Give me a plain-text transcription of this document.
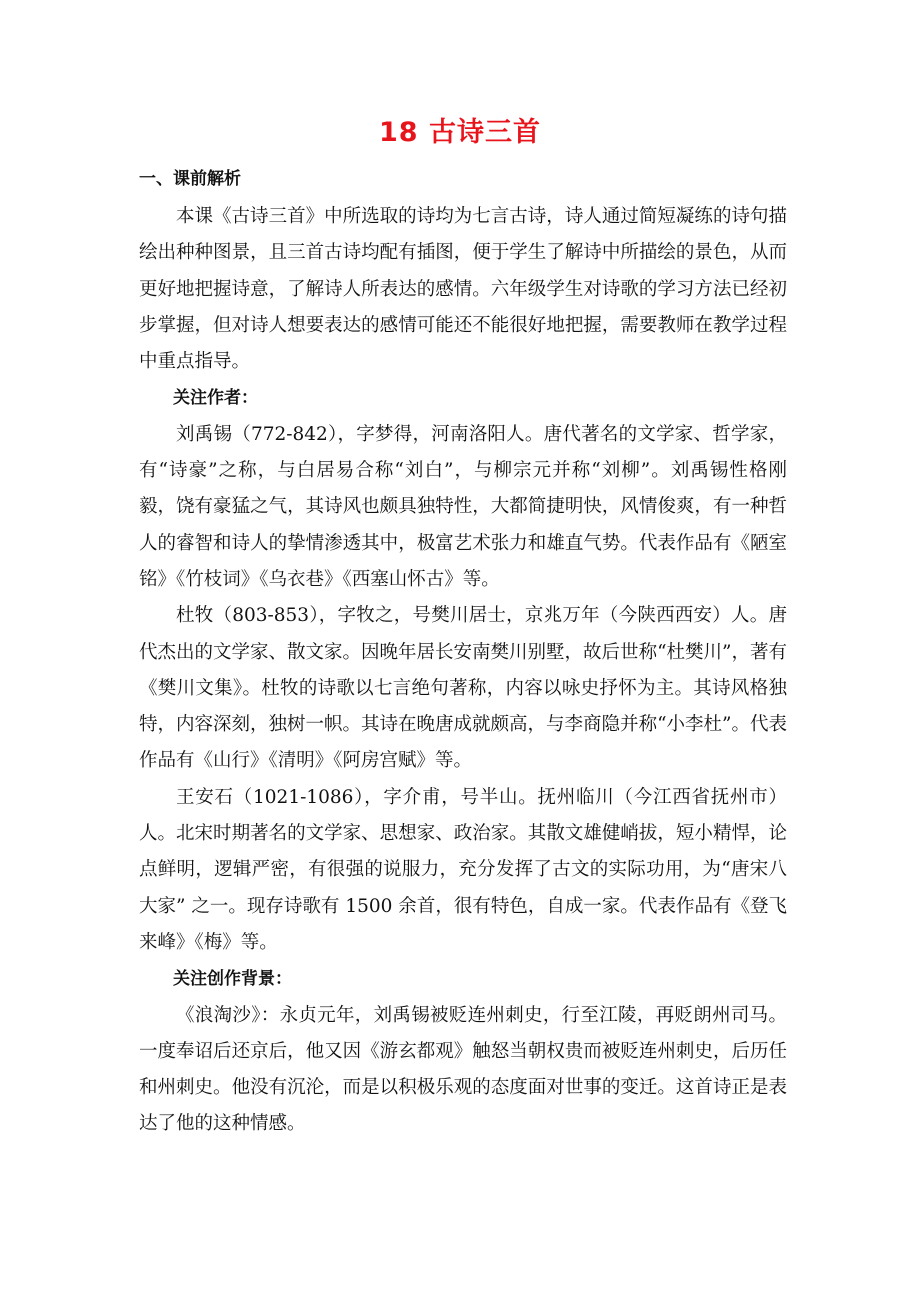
18 古诗三首
一、课前解析

本课《古诗三首》中所选取的诗均为七言古诗，诗人通过简短凝练的诗句描绘出种种图景，且三首古诗均配有插图，便于学生了解诗中所描绘的景色，从而更好地把握诗意，了解诗人所表达的感情。六年级学生对诗歌的学习方法已经初步掌握，但对诗人想要表达的感情可能还不能很好地把握，需要教师在教学过程中重点指导。

关注作者：

刘禹锡（772-842），字梦得，河南洛阳人。唐代著名的文学家、哲学家，有“诗豪”之称，与白居易合称“刘白”，与柳宗元并称“刘柳”。刘禹锡性格刚毅，饶有豪猛之气，其诗风也颇具独特性，大都简捷明快，风情俊爽，有一种哲人的睿智和诗人的挚情渗透其中，极富艺术张力和雄直气势。代表作品有《陋室铭》《竹枝词》《乌衣巷》《西塞山怀古》等。

杜牧（803-853），字牧之，号樊川居士，京兆万年（今陕西西安）人。唐代杰出的文学家、散文家。因晚年居长安南樊川别墅，故后世称“杜樊川”，著有《樊川文集》。杜牧的诗歌以七言绝句著称，内容以咏史抒怀为主。其诗风格独特，内容深刻，独树一帜。其诗在晚唐成就颇高，与李商隐并称“小李杜”。代表作品有《山行》《清明》《阿房宫赋》等。

王安石（1021-1086），字介甫，号半山。抚州临川（今江西省抚州市）人。北宋时期著名的文学家、思想家、政治家。其散文雄健峭拔，短小精悍，论点鲜明，逻辑严密，有很强的说服力，充分发挥了古文的实际功用，为“唐宋八大家” 之一。现存诗歌有 1500 余首，很有特色，自成一家。代表作品有《登飞来峰》《梅》等。

关注创作背景：

《浪淘沙》：永贞元年，刘禹锡被贬连州刺史，行至江陵，再贬朗州司马。一度奉诏后还京后，他又因《游玄都观》触怒当朝权贵而被贬连州刺史，后历任和州刺史。他没有沉沦，而是以积极乐观的态度面对世事的变迁。这首诗正是表达了他的这种情感。
